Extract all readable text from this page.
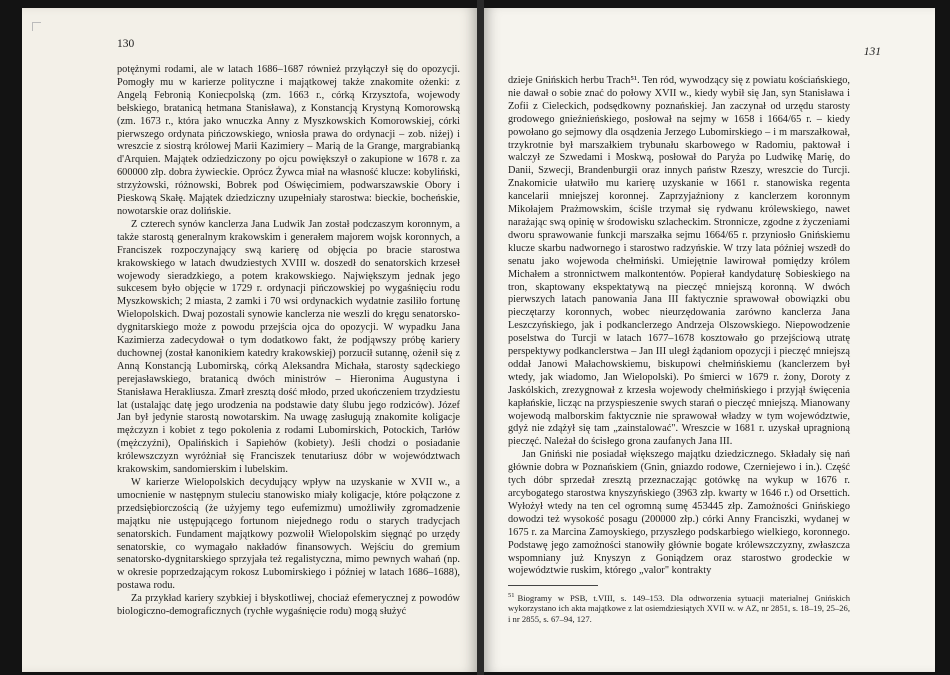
130

potężnymi rodami, ale w latach 1686–1687 również przyłączył się do opozycji. Pomogły mu w karierze polityczne i majątkowej także znakomite ożenki: z Angelą Febronią Koniecpolską (zm. 1663 r., córką Krzysztofa, wojewody bełskiego, bratanicą hetmana Stanisława), z Konstancją Krystyną Komorowską (zm. 1673 r., która jako wnuczka Anny z Myszkowskich Komorowskiej, córki pierwszego ordynata pińczowskiego, wniosła prawa do ordynacji – zob. niżej) i wreszcie z siostrą królowej Marii Kazimiery – Marią de la Grange, margrabianką d'Arquien. Majątek odziedziczony po ojcu powiększył o zakupione w 1678 r. za 600000 złp. dobra żywieckie. Oprócz Żywca miał na własność klucze: kobyliński, strzyżowski, różnowski, Bobrek pod Oświęcimiem, podwarszawskie Obory i Pieskową Skałę. Majątek dziedziczny uzupełniały starostwa: bieckie, bocheńskie, nowotarskie oraz dolińskie.

Z czterech synów kanclerza Jana Ludwik Jan został podczaszym koronnym, a także starostą generalnym krakowskim i generałem majorem wojsk koronnych, a Franciszek rozpoczynający swą karierę od objęcia po bracie starostwa krakowskiego w latach dwudziestych XVIII w. doszedł do senatorskich krzeseł wojewody sieradzkiego, a potem krakowskiego. Największym jednak jego sukcesem było objęcie w 1729 r. ordynacji pińczowskiej po wygaśnięciu rodu Myszkowskich; 2 miasta, 2 zamki i 70 wsi ordynackich wydatnie zasiliło fortunę Wielopolskich. Dwaj pozostali synowie kanclerza nie weszli do kręgu senatorsko-dygnitarskiego może z powodu przejścia ojca do opozycji. W wypadku Jana Kazimierza zadecydował o tym dodatkowo fakt, że podjąwszy próbę kariery duchownej (został kanonikiem katedry krakowskiej) porzucił sutannę, ożenił się z Anną Konstancją Lubomirską, córką Aleksandra Michała, starosty sądeckiego perejasławskiego, bratanicą dwóch ministrów – Hieronima Augustyna i Stanisława Herakliusza. Zmarł zresztą dość młodo, przed ukończeniem trzydziestu lat (ustalając datę jego urodzenia na podstawie daty ślubu jego rodziców). Józef Jan był jedynie starostą nowotarskim. Na uwagę zasługują znakomite koligacje mężczyzn i kobiet z tego pokolenia z rodami Lubomirskich, Potockich, Tarłów (mężczyźni), Opalińskich i Sapiehów (kobiety). Jeśli chodzi o posiadanie królewszczyzn wyróżniał się Franciszek tenutariusz dóbr w województwach krakowskim, sandomierskim i lubelskim.

W karierze Wielopolskich decydujący wpływ na uzyskanie w XVII w., a umocnienie w następnym stuleciu stanowisko miały koligacje, które połączone z przedsiębiorczością (że użyjemy tego eufemizmu) umożliwiły zgromadzenie majątku nie ustępującego fortunom niejednego rodu o starych tradycjach senatorskich. Fundament majątkowy pozwolił Wielopolskim sięgnąć po urzędy senatorskie, co wymagało nakładów finansowych. Wejściu do gremium senatorsko-dygnitarskiego sprzyjała też regalistyczna, mimo pewnych wahań (np. w okresie poprzedzającym rokosz Lubomirskiego i później w latach 1686–1688), postawa rodu.

Za przykład kariery szybkiej i błyskotliwej, chociaż efemerycznej z powodów biologiczno-demograficznych (rychłe wygaśnięcie rodu) mogą służyć

131

dzieje Gnińskich herbu Trach⁵¹. Ten ród, wywodzący się z powiatu kościańskiego, nie dawał o sobie znać do połowy XVII w., kiedy wybił się Jan, syn Stanisława i Zofii z Cieleckich, podsędkowny poznańskiej. Jan zaczynał od urzędu starosty grodowego gnieźnieńskiego, posłował na sejmy w 1658 i 1664/65 r. – kiedy powołano go sejmowy dla osądzenia Jerzego Lubomirskiego – i m marszałkował, trzykrotnie był marszałkiem trybunału skarbowego w Radomiu, paktował i walczył ze Szwedami i Moskwą, posłował do Paryża po Ludwikę Marię, do Danii, Szwecji, Brandenburgii oraz innych państw Rzeszy, wreszcie do Turcji. Znakomicie ułatwiło mu karierę uzyskanie w 1661 r. stanowiska regenta kancelarii mniejszej koronnej. Zaprzyjaźniony z kanclerzem koronnym Mikołajem Prażmowskim, ściśle trzymał się rydwanu królewskiego, nawet narażając swą opinię w środowisku szlacheckim. Stronnicze, zgodne z życzeniami dworu sprawowanie funkcji marszałka sejmu 1664/65 r. przyniosło Gnińskiemu klucze skarbu nadwornego i starostwo radzyńskie. W trzy lata później wszedł do senatu jako wojewoda chełmiński. Umiejętnie lawirował pomiędzy królem Michałem a stronnictwem malkontentów. Popierał kandydaturę Sobieskiego na tron, skaptowany ekspektatywą na pieczęć mniejszą koronną. W dwóch pierwszych latach panowania Jana III faktycznie sprawował obowiązki obu pieczętarzy koronnych, wobec nieurzędowania zarówno kanclerza Jana Leszczyńskiego, jak i podkanclerzego Andrzeja Olszowskiego. Niepowodzenie poselstwa do Turcji w latach 1677–1678 kosztowało go przejściową utratę perspektywy podkanclerstwa – Jan III uległ żądaniom opozycji i pieczęć mniejszą oddał Janowi Małachowskiemu, biskupowi chełmińskiemu (kanclerzem był wtedy, jak wiadomo, Jan Wielopolski). Po śmierci w 1679 r. żony, Doroty z Jaskólskich, zrezygnował z krzesła wojewody chełmińskiego i przyjął święcenia kapłańskie, licząc na przyspieszenie swych starań o pieczęć mniejszą. Mianowany wojewodą malborskim faktycznie nie sprawował władzy w tym województwie, gdyż nie zdążył się tam „zainstalować". Wreszcie w 1681 r. uzyskał upragnioną pieczęć. Należał do ścisłego grona zaufanych Jana III.

Jan Gniński nie posiadał większego majątku dziedzicznego. Składały się nań głównie dobra w Poznańskiem (Gnin, gniazdo rodowe, Czerniejewo i in.). Część tych dóbr sprzedał zresztą przeznaczając gotówkę na wykup w 1676 r. arcybogatego starostwa knyszyńskiego (3963 złp. kwarty w 1646 r.) od Orsettich. Wyłożył wtedy na ten cel ogromną sumę 453445 złp. Zamożności Gnińskiego dowodzi też wysokość posagu (200000 złp.) córki Anny Franciszki, wydanej w 1675 r. za Marcina Zamoyskiego, przyszłego podskarbiego wielkiego, koronnego. Podstawę jego zamożności stanowiły głównie bogate królewszczyzny, zwłaszcza wspomniany już Knyszyn z Goniądzem oraz starostwo grodeckie w województwie ruskim, którego „valor" kontrakty

$^{51}$ Biogramy w PSB, t.VIII, s. 149–153. Dla odtworzenia sytuacji materialnej Gnińskich wykorzystano ich akta majątkowe z lat osiemdziesiątych XVII w. w AZ, nr 2851, s. 18–19, 25–26, i nr 2855, s. 67–94, 127.
